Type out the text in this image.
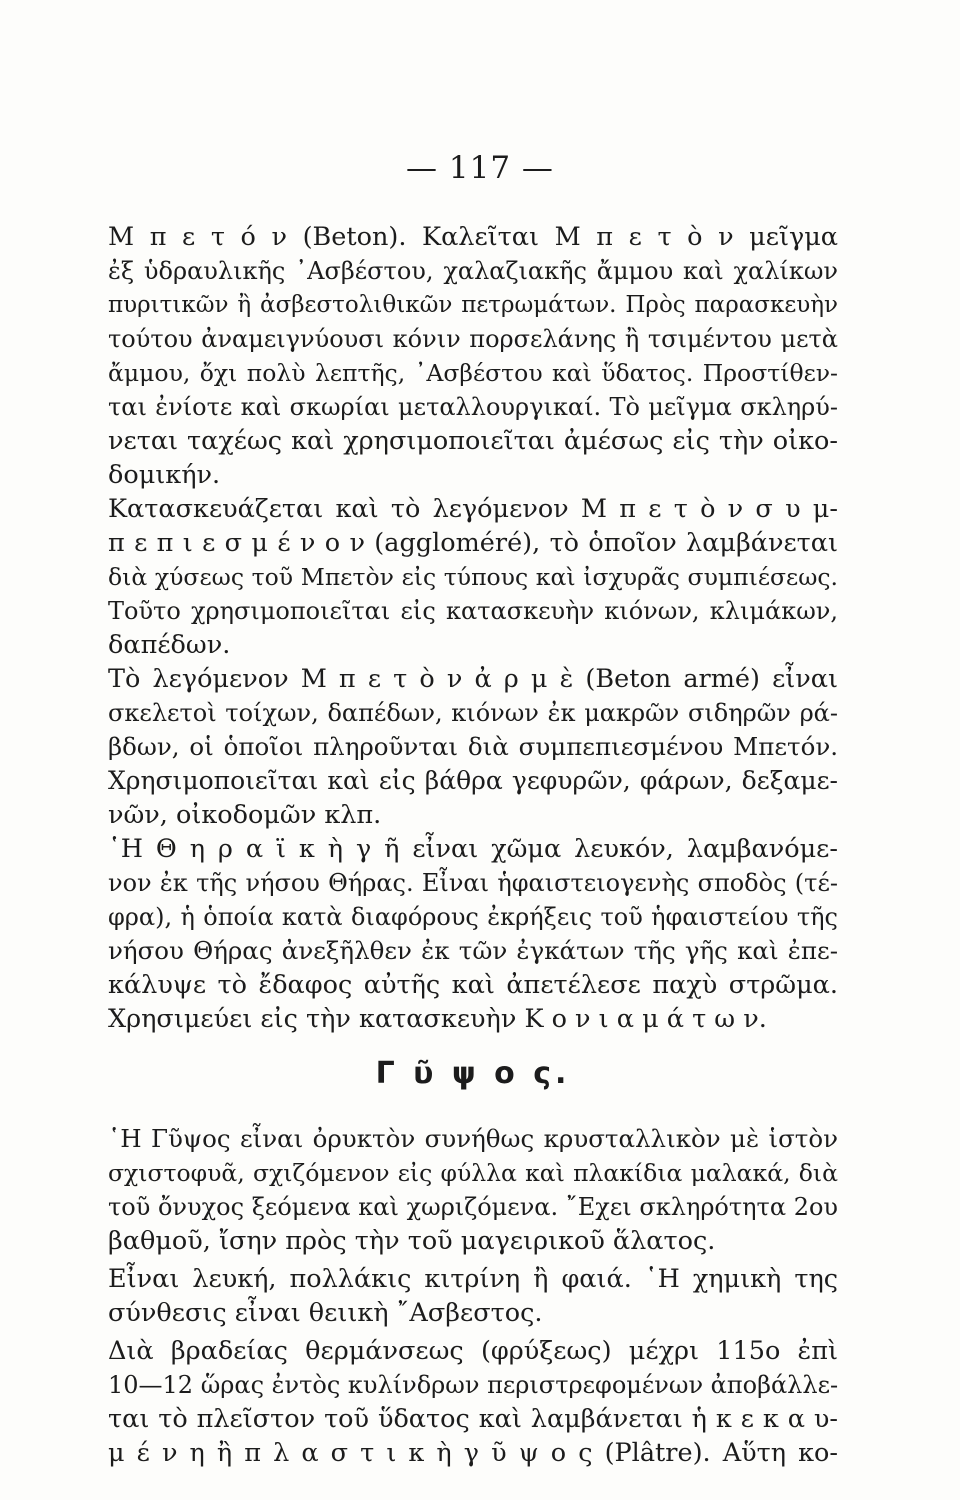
— 117 —
Μ π ε τ ό ν (Beton). Καλεῖται Μ π ε τ ὸ ν μεῖγμα
ἐξ ὑδραυλικῆς ᾿Ασβέστου, χαλαζιακῆς ἄμμου καὶ χαλίκων
πυριτικῶν ἢ ἀσβεστολιθικῶν πετρωμάτων. Πρὸς παρασκευὴν
τούτου ἀναμειγνύουσι κόνιν πορσελάνης ἢ τσιμέντου μετὰ
ἄμμου, ὄχι πολὺ λεπτῆς, ᾿Ασβέστου καὶ ὕδατος. Προστίθεν-
ται ἐνίοτε καὶ σκωρίαι μεταλλουργικαί. Τὸ μεῖγμα σκληρύ-
νεται ταχέως καὶ χρησιμοποιεῖται ἀμέσως εἰς τὴν οἰκο-
δομικήν.
Κατασκευάζεται καὶ τὸ λεγόμενον Μ π ε τ ὸ ν σ υ μ-
π ε π ι ε σ μ έ ν ο ν (aggloméré), τὸ ὁποῖον λαμβάνεται
διὰ χύσεως τοῦ Μπετὸν εἰς τύπους καὶ ἰσχυρᾶς συμπιέσεως.
Τοῦτο χρησιμοποιεῖται εἰς κατασκευὴν κιόνων, κλιμάκων,
δαπέδων.
Τὸ λεγόμενον Μ π ε τ ὸ ν ἀ ρ μ ὲ (Beton armé) εἶναι
σκελετοὶ τοίχων, δαπέδων, κιόνων ἐκ μακρῶν σιδηρῶν ρά-
βδων, οἱ ὁποῖοι πληροῦνται διὰ συμπεπιεσμένου Μπετόν.
Χρησιμοποιεῖται καὶ εἰς βάθρα γεφυρῶν, φάρων, δεξαμε-
νῶν, οἰκοδομῶν κλπ.
῾Η Θ η ρ α ϊ κ ὴ γ ῆ εἶναι χῶμα λευκόν, λαμβανόμε-
νον ἐκ τῆς νήσου Θήρας. Εἶναι ἡφαιστειογενὴς σποδὸς (τέ-
φρα), ἡ ὁποία κατὰ διαφόρους ἐκρήξεις τοῦ ἡφαιστείου τῆς
νήσου Θήρας ἀνεξῆλθεν ἐκ τῶν ἐγκάτων τῆς γῆς καὶ ἐπε-
κάλυψε τὸ ἔδαφος αὐτῆς καὶ ἀπετέλεσε παχὺ στρῶμα.
Χρησιμεύει εἰς τὴν κατασκευὴν Κ ο ν ι α μ ά τ ω ν.
Γ ῦ ψ ο ς.
῾Η Γῦψος εἶναι ὀρυκτὸν συνήθως κρυσταλλικὸν μὲ ἱστὸν
σχιστοφυᾶ, σχιζόμενον εἰς φύλλα καὶ πλακίδια μαλακά, διὰ
τοῦ ὄνυχος ξεόμενα καὶ χωριζόμενα. ῎Εχει σκληρότητα 2ου
βαθμοῦ, ἴσην πρὸς τὴν τοῦ μαγειρικοῦ ἅλατος.
Εἶναι λευκή, πολλάκις κιτρίνη ἢ φαιά. ῾Η χημικὴ της
σύνθεσις εἶναι θειικὴ ῎Ασβεστος.
Διὰ βραδείας θερμάνσεως (φρύξεως) μέχρι 115ο ἐπὶ
10—12 ὥρας ἐντὸς κυλίνδρων περιστρεφομένων ἀποβάλλε-
ται τὸ πλεῖστον τοῦ ὕδατος καὶ λαμβάνεται ἡ κ ε κ α υ-
μ έ ν η ἢ π λ α σ τ ι κ ὴ γ ῦ ψ ο ς (Plâtre). Αὕτη κο-
